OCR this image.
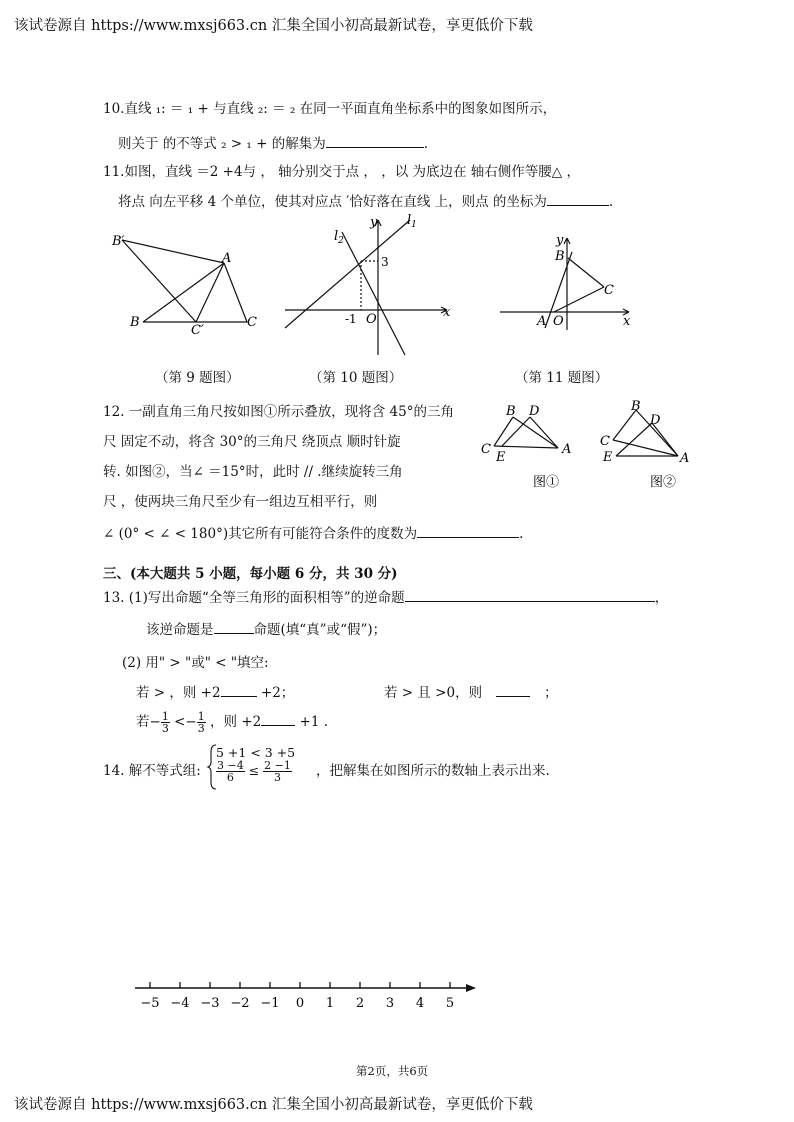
该试卷源自 https://www.mxsj663.cn 汇集全国小初高最新试卷，享更低价下载
10.直线 ₁: ＝ ₁ + 与直线 ₂: ＝ ₂ 在同一平面直角坐标系中的图象如图所示，
则关于 的不等式 ₂ > ₁ + 的解集为	.
11.如图，直线 ＝2 +4与 ， 轴分别交于点 ， ，以 为底边在 轴右侧作等腰△ ，
将点 向左平移 4 个单位，使其对应点 ′恰好落在直线 上，则点 的坐标为	.
B′
A
B
C′
C
（第 9 题图）
$l_2$
$l_1$
y
x
3
-1 O
（第 10 题图）
y
x
B
C
A O
（第 11 题图）
12. 一副直角三角尺按如图①所示叠放，现将含 45°的三角
尺 固定不动，将含 30°的三角尺 绕顶点 顺时针旋
转. 如图②，当∠ ＝15°时，此时 // .继续旋转三角
尺 ，使两块三角尺至少有一组边互相平行，则
∠ (0° < ∠ < 180°)其它所有可能符合条件的度数为	.
B D
C
E
A
图①
B
D
C
E	A
图②
三、(本大题共 5 小题，每小题 6 分，共 30 分)
13. (1)写出命题“全等三角形的面积相等”的逆命题	，
该逆命题是	命题(填“真”或“假”)；
(2) 用" > "或" < "填空:
若 > ，则 +2	+2；	若 > 且 >0，则	；
若− $\frac{1}{3} <- \frac{1}{3}$ ，则 +2	+1 .
14. 解不等式组:
5 +1 < 3 +5
$\frac{3 -4}{6} \le \frac{2 -1}{3}$ ，把解集在如图所示的数轴上表示出来.
−5 −4 −3 −2 −1 0 1 2 3 4 5
第2页，共6页
该试卷源自 https://www.mxsj663.cn 汇集全国小初高最新试卷，享更低价下载
